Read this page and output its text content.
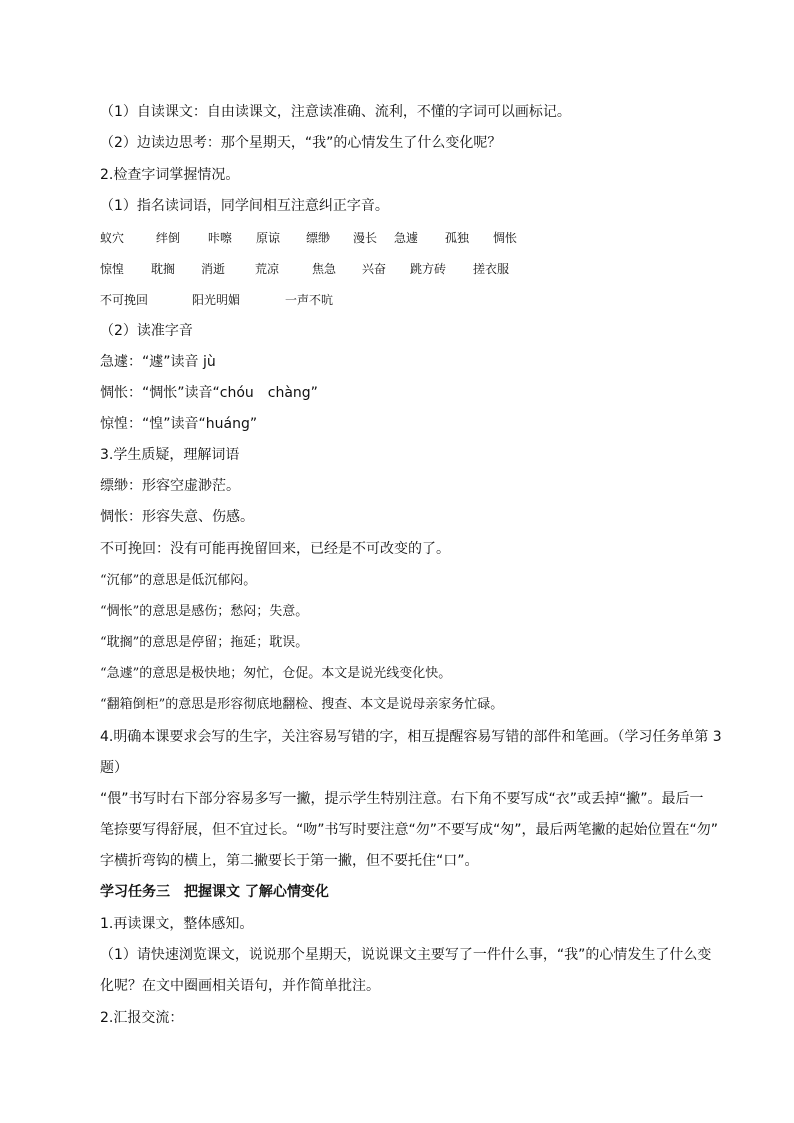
（1）自读课文：自由读课文，注意读准确、流利，不懂的字词可以画标记。

（2）边读边思考：那个星期天，“我”的心情发生了什么变化呢？

2.检查字词掌握情况。

（1）指名读词语，同学间相互注意纠正字音。

蚁穴	绊倒 咔嚓 原谅 缥缈 漫长 急遽 孤独 惆怅
惊惶 耽搁 消逝 荒凉	焦急 兴奋 跳方砖 搓衣服
不可挽回	阳光明媚	一声不吭

（2）读准字音

急遽：“遽”读音 jù

惆怅：“惆怅”读音“chóu　chàng”

惊惶：“惶”读音“huáng”

3.学生质疑，理解词语

缥缈：形容空虚渺茫。

惆怅：形容失意、伤感。

不可挽回：没有可能再挽留回来，已经是不可改变的了。

“沉郁”的意思是低沉郁闷。

“惆怅”的意思是感伤；愁闷；失意。

“耽搁”的意思是停留；拖延；耽误。

“急遽”的意思是极快地；匆忙，仓促。本文是说光线变化快。

“翻箱倒柜”的意思是形容彻底地翻检、搜查、本文是说母亲家务忙碌。

4.明确本课要求会写的生字，关注容易写错的字，相互提醒容易写错的部件和笔画。（学习任务单第 3

题）

“偎”书写时右下部分容易多写一撇，提示学生特别注意。右下角不要写成“衣”或丢掉“撇”。最后一

笔捺要写得舒展，但不宜过长。“吻”书写时要注意“勿”不要写成“匆”，最后两笔撇的起始位置在“勿”

字横折弯钩的横上，第二撇要长于第一撇，但不要托住“口”。

学习任务三　把握课文 了解心情变化

1.再读课文，整体感知。

（1）请快速浏览课文，说说那个星期天，说说课文主要写了一件什么事，“我”的心情发生了什么变

化呢？在文中圈画相关语句，并作简单批注。

2.汇报交流：
